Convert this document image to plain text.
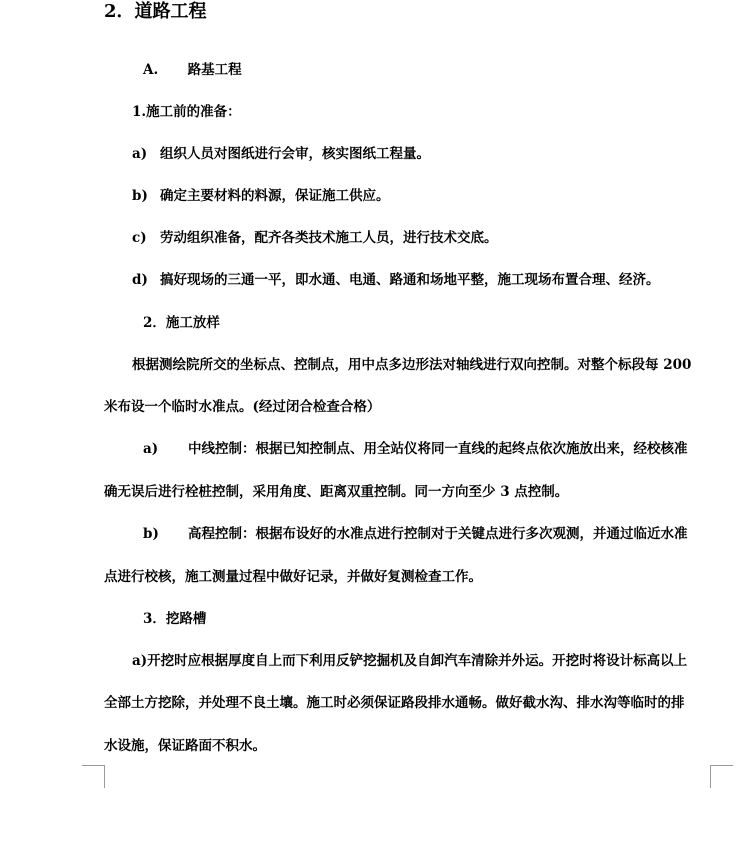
2．道路工程
A. 路基工程
1.施工前的准备：
a) 组织人员对图纸进行会审，核实图纸工程量。
b) 确定主要材料的料源，保证施工供应。
c) 劳动组织准备，配齐各类技术施工人员，进行技术交底。
d) 搞好现场的三通一平，即水通、电通、路通和场地平整，施工现场布置合理、经济。
2．施工放样
根据测绘院所交的坐标点、控制点，用中点多边形法对轴线进行双向控制。对整个标段每 200
米布设一个临时水准点。(经过闭合检查合格）
a) 中线控制：根据已知控制点、用全站仪将同一直线的起终点依次施放出来，经校核准
确无误后进行栓桩控制，采用角度、距离双重控制。同一方向至少 3 点控制。
b) 高程控制：根据布设好的水准点进行控制对于关键点进行多次观测，并通过临近水准
点进行校核，施工测量过程中做好记录，并做好复测检查工作。
3．挖路槽
a)开挖时应根据厚度自上而下利用反铲挖掘机及自卸汽车清除并外运。开挖时将设计标高以上
全部土方挖除，并处理不良土壤。施工时必须保证路段排水通畅。做好截水沟、排水沟等临时的排
水设施，保证路面不积水。
